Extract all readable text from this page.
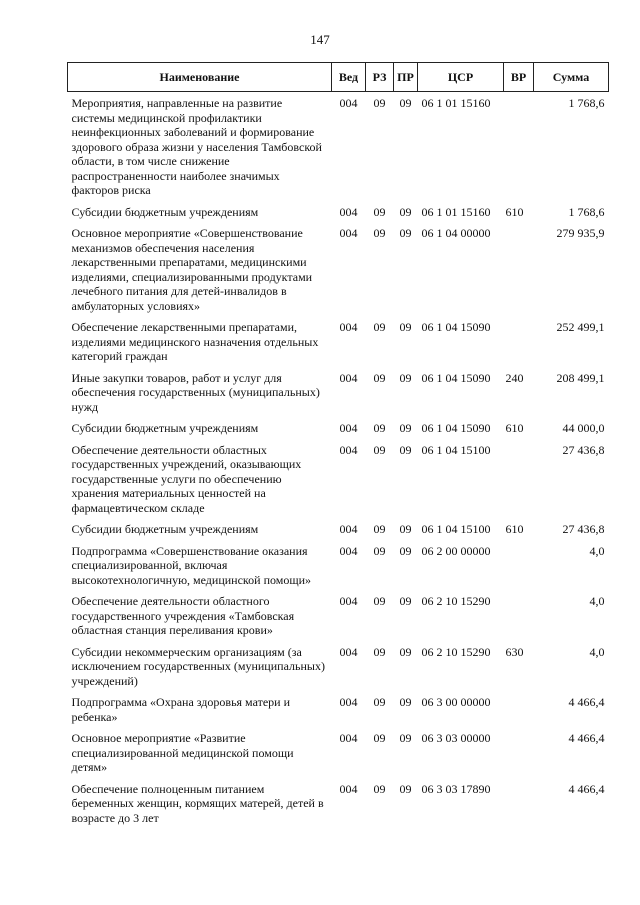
147
Наименование	Вед	РЗ	ПР	ЦСР	ВР	Сумма
Мероприятия, направленные на развитие системы медицинской профилактики неинфекционных заболеваний и формирование здорового образа жизни у населения Тамбовской области, в том числе снижение распространенности наиболее значимых факторов риска	004	09	09	06 1 01 15160		1 768,6
Субсидии бюджетным учреждениям	004	09	09	06 1 01 15160	610	1 768,6
Основное мероприятие «Совершенствование механизмов обеспечения населения лекарственными препаратами, медицинскими изделиями, специализированными продуктами лечебного питания для детей-инвалидов в амбулаторных условиях»	004	09	09	06 1 04 00000		279 935,9
Обеспечение лекарственными препаратами, изделиями медицинского назначения отдельных категорий граждан	004	09	09	06 1 04 15090		252 499,1
Иные закупки товаров, работ и услуг для обеспечения государственных (муниципальных) нужд	004	09	09	06 1 04 15090	240	208 499,1
Субсидии бюджетным учреждениям	004	09	09	06 1 04 15090	610	44 000,0
Обеспечение деятельности областных государственных учреждений, оказывающих государственные услуги по обеспечению хранения материальных ценностей на фармацевтическом складе	004	09	09	06 1 04 15100		27 436,8
Субсидии бюджетным учреждениям	004	09	09	06 1 04 15100	610	27 436,8
Подпрограмма «Совершенствование оказания специализированной, включая высокотехнологичную, медицинской помощи»	004	09	09	06 2 00 00000		4,0
Обеспечение деятельности областного государственного учреждения «Тамбовская областная станция переливания крови»	004	09	09	06 2 10 15290		4,0
Субсидии некоммерческим организациям (за исключением государственных (муниципальных) учреждений)	004	09	09	06 2 10 15290	630	4,0
Подпрограмма «Охрана здоровья матери и ребенка»	004	09	09	06 3 00 00000		4 466,4
Основное мероприятие «Развитие специализированной медицинской помощи детям»	004	09	09	06 3 03 00000		4 466,4
Обеспечение полноценным питанием беременных женщин, кормящих матерей, детей в возрасте до 3 лет	004	09	09	06 3 03 17890		4 466,4
